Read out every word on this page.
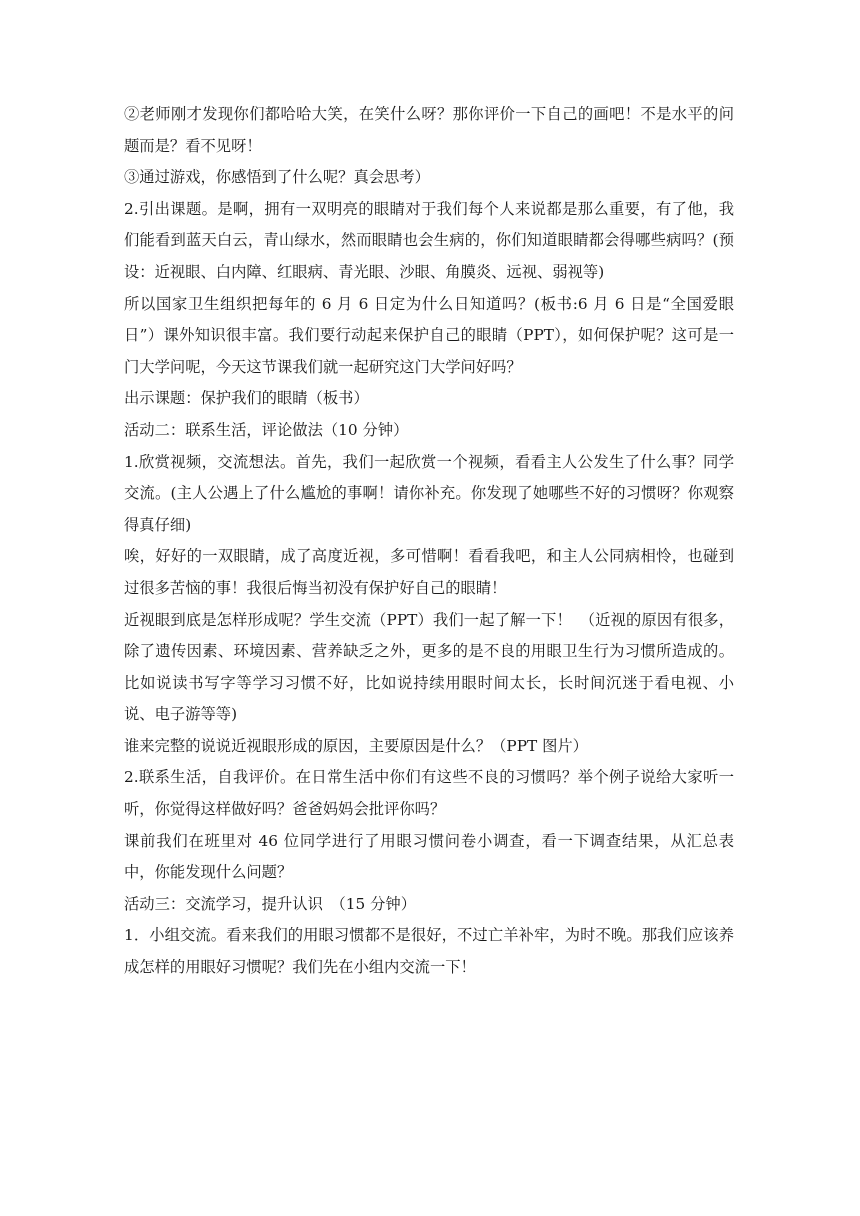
②老师刚才发现你们都哈哈大笑，在笑什么呀？那你评价一下自己的画吧！不是水平的问题而是？看不见呀！

③通过游戏，你感悟到了什么呢？真会思考）

2.引出课题。是啊，拥有一双明亮的眼睛对于我们每个人来说都是那么重要，有了他，我们能看到蓝天白云，青山绿水，然而眼睛也会生病的，你们知道眼睛都会得哪些病吗？(预设：近视眼、白内障、红眼病、青光眼、沙眼、角膜炎、远视、弱视等)

所以国家卫生组织把每年的 6 月 6 日定为什么日知道吗？(板书:6 月 6 日是“全国爱眼日”）课外知识很丰富。我们要行动起来保护自己的眼睛（PPT），如何保护呢？这可是一门大学问呢，今天这节课我们就一起研究这门大学问好吗？

出示课题：保护我们的眼睛（板书）

活动二：联系生活，评论做法（10 分钟）

1.欣赏视频，交流想法。首先，我们一起欣赏一个视频，看看主人公发生了什么事？同学交流。(主人公遇上了什么尴尬的事啊！请你补充。你发现了她哪些不好的习惯呀？你观察得真仔细)

唉，好好的一双眼睛，成了高度近视，多可惜啊！看看我吧，和主人公同病相怜，也碰到过很多苦恼的事！我很后悔当初没有保护好自己的眼睛！

近视眼到底是怎样形成呢？学生交流（PPT）我们一起了解一下！　（近视的原因有很多，除了遗传因素、环境因素、营养缺乏之外，更多的是不良的用眼卫生行为习惯所造成的。比如说读书写字等学习习惯不好，比如说持续用眼时间太长，长时间沉迷于看电视、小说、电子游等等)

谁来完整的说说近视眼形成的原因，主要原因是什么？（PPT 图片）

2.联系生活，自我评价。在日常生活中你们有这些不良的习惯吗？举个例子说给大家听一听，你觉得这样做好吗？爸爸妈妈会批评你吗？

课前我们在班里对 46 位同学进行了用眼习惯问卷小调查，看一下调查结果，从汇总表中，你能发现什么问题？

活动三：交流学习，提升认识　（15 分钟）

1．小组交流。看来我们的用眼习惯都不是很好，不过亡羊补牢，为时不晚。那我们应该养成怎样的用眼好习惯呢？我们先在小组内交流一下！
